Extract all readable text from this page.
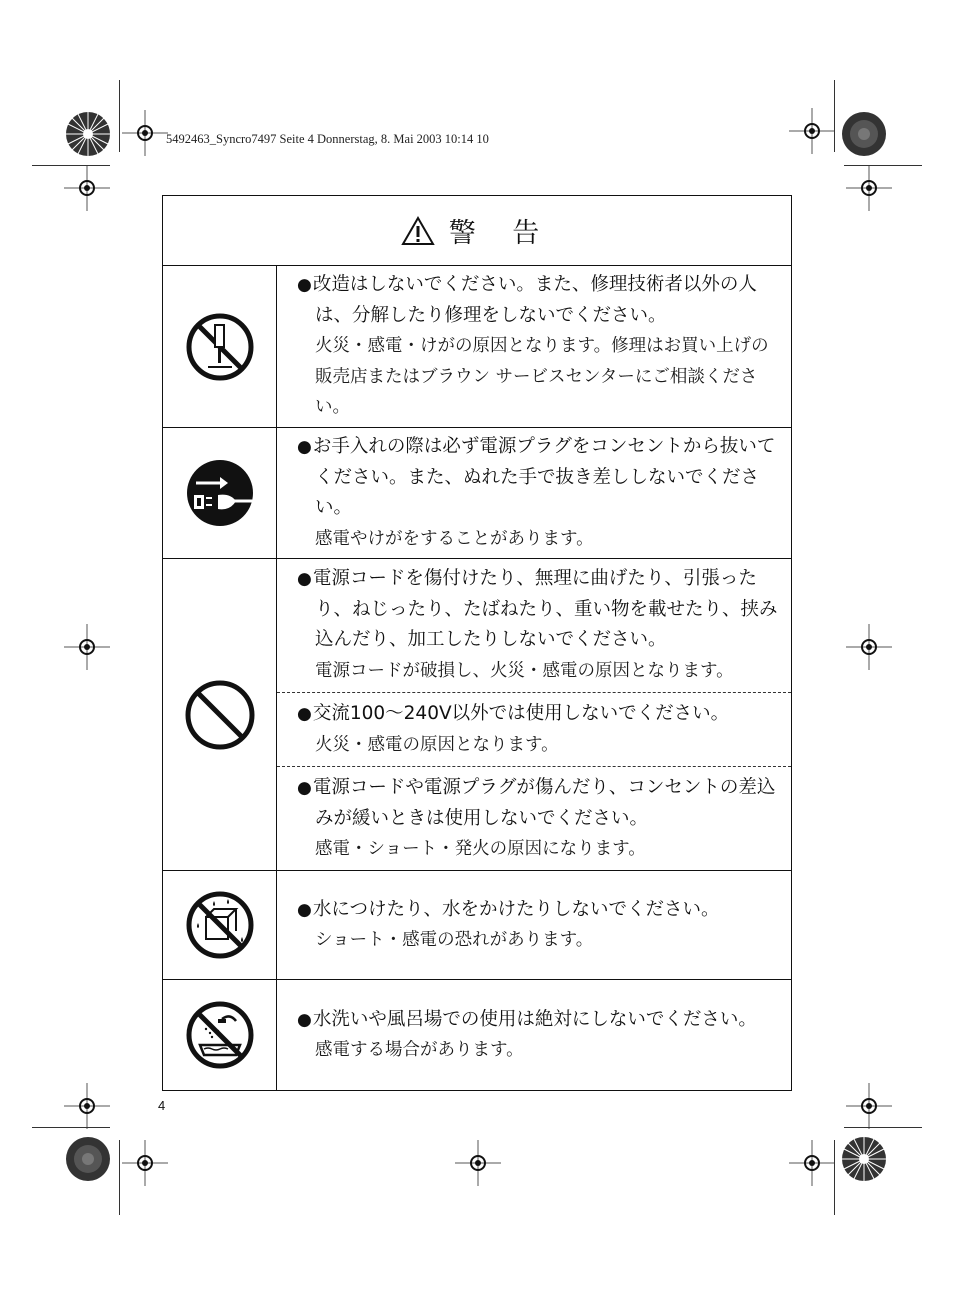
5492463_Syncro7497 Seite 4 Donnerstag, 8. Mai 2003 10:14 10
警 告
● 改造はしないでください。また、修理技術者以外の人は、分解したり修理をしないでください。
火災・感電・けがの原因となります。修理はお買い上げの販売店またはブラウン サービスセンターにご相談ください。
● お手入れの際は必ず電源プラグをコンセントから抜いてください。また、ぬれた手で抜き差ししないでください。
感電やけがをすることがあります。
● 電源コードを傷付けたり、無理に曲げたり、引張ったり、ねじったり、たばねたり、重い物を載せたり、挟み込んだり、加工したりしないでください。
電源コードが破損し、火災・感電の原因となります。
● 交流100〜240V以外では使用しないでください。
火災・感電の原因となります。
● 電源コードや電源プラグが傷んだり、コンセントの差込みが緩いときは使用しないでください。
感電・ショート・発火の原因になります。
● 水につけたり、水をかけたりしないでください。
ショート・感電の恐れがあります。
● 水洗いや風呂場での使用は絶対にしないでください。
感電する場合があります。
4
